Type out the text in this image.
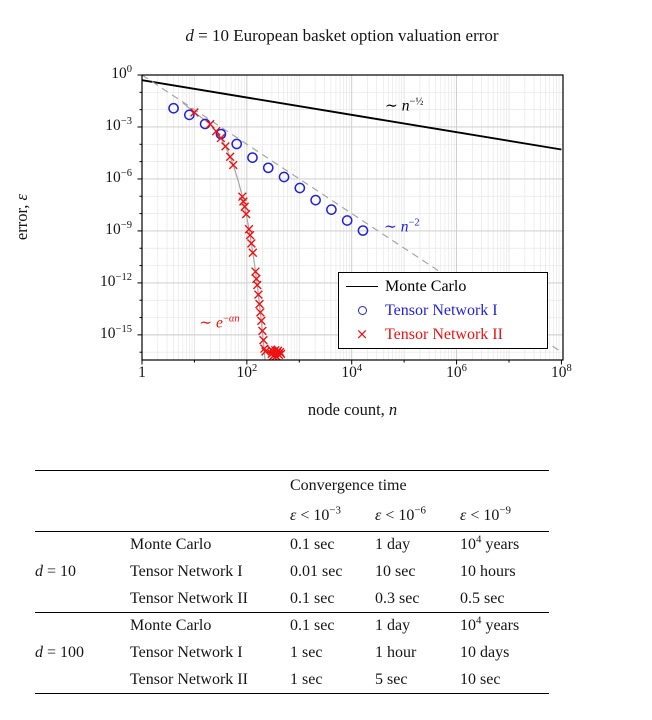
d = 10 European basket option valuation error
1	$10^2$	$10^4$	$10^6$	$10^8$
$10^0$
$10^{-3}$
$10^{-6}$
$10^{-9}$
$10^{-12}$
$10^{-15}$
∼ $n^{-\frac{1}{2}}$
∼ $n^{-2}$
∼ $e^{-\alpha n}$
error, ε
node count, n
Monte Carlo
Tensor Network I
× Tensor Network II
		Convergence time		
		$\varepsilon < 10^{-3}$	$\varepsilon < 10^{-6}$	$\varepsilon < 10^{-9}$
d = 10	Monte Carlo	0.1 sec	1 day	$10^4$ years
	Tensor Network I	0.01 sec	10 sec	10 hours
	Tensor Network II	0.1 sec	0.3 sec	0.5 sec
d = 100	Monte Carlo	0.1 sec	1 day	$10^4$ years
	Tensor Network I	1 sec	1 hour	10 days
	Tensor Network II	1 sec	5 sec	10 sec
